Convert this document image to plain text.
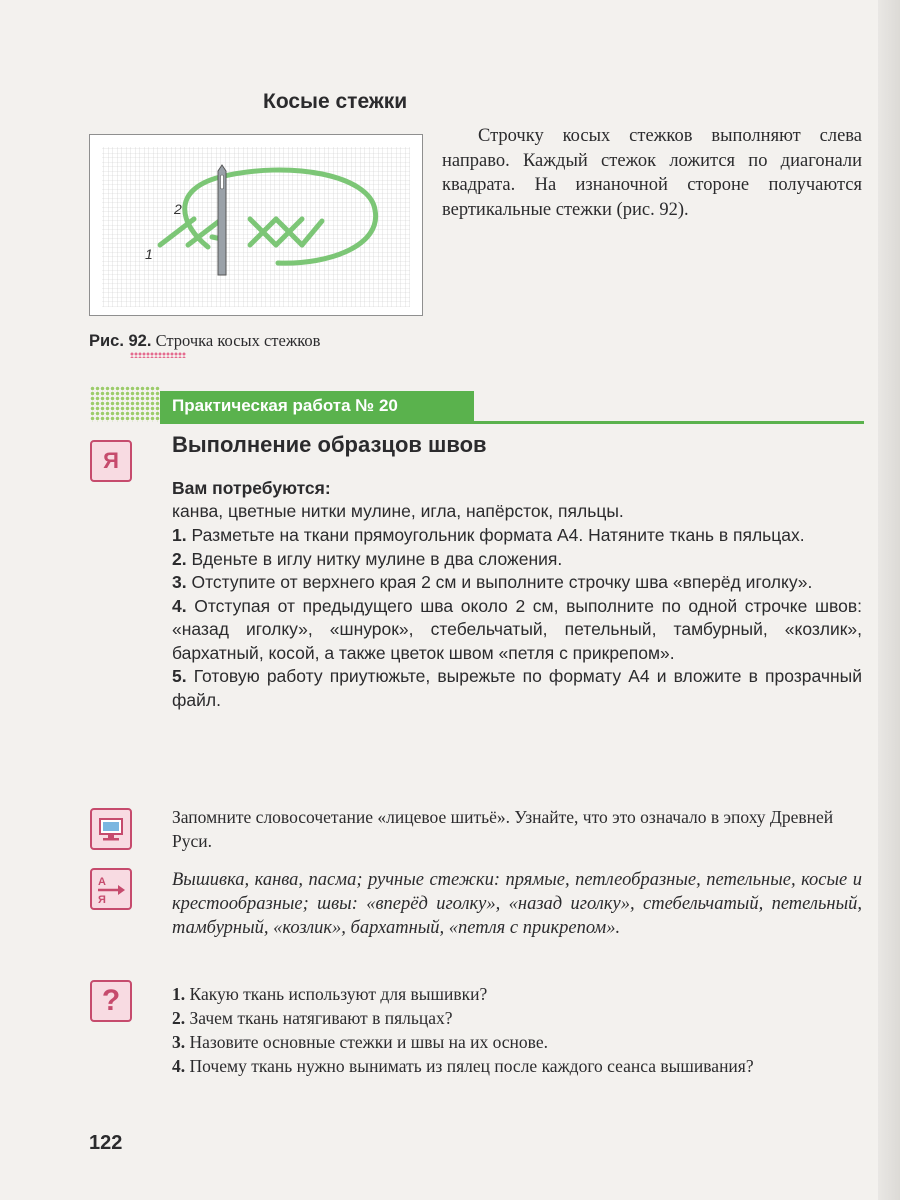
Косые стежки
2
1
Рис. 92. Строчка косых стежков
Строчку косых стежков выполняют слева направо. Каждый стежок ложится по диагонали квадрата. На изнаночной стороне получаются вертикальные стежки (рис. 92).
Практическая работа № 20
Я
Выполнение образцов швов
Вам потребуются:
канва, цветные нитки мулине, игла, напёрсток, пяльцы.

1. Разметьте на ткани прямоугольник формата А4. Натяните ткань в пяльцах.

2. Вденьте в иглу нитку мулине в два сложения.

3. Отступите от верхнего края 2 см и выполните строчку шва «вперёд иголку».

4. Отступая от предыдущего шва около 2 см, выполните по одной строчке швов: «назад иголку», «шнурок», стебельчатый, петельный, тамбурный, «козлик», бархатный, косой, а также цветок швом «петля с прикрепом».

5. Готовую работу приутюжьте, вырежьте по формату А4 и вложите в прозрачный файл.

Запомните словосочетание «лицевое шитьё». Узнайте, что это означало в эпоху Древней Руси.
А
Я
Вышивка, канва, пасма; ручные стежки: прямые, петлеобразные, петельные, косые и крестообразные; швы: «вперёд иголку», «назад иголку», стебельчатый, петельный, тамбурный, «козлик», бархатный, «петля с прикрепом».
?	1. Какую ткань используют для вышивки?
2. Зачем ткань натягивают в пяльцах?
3. Назовите основные стежки и швы на их основе.
4. Почему ткань нужно вынимать из пялец после каждого сеанса вышивания?
122
